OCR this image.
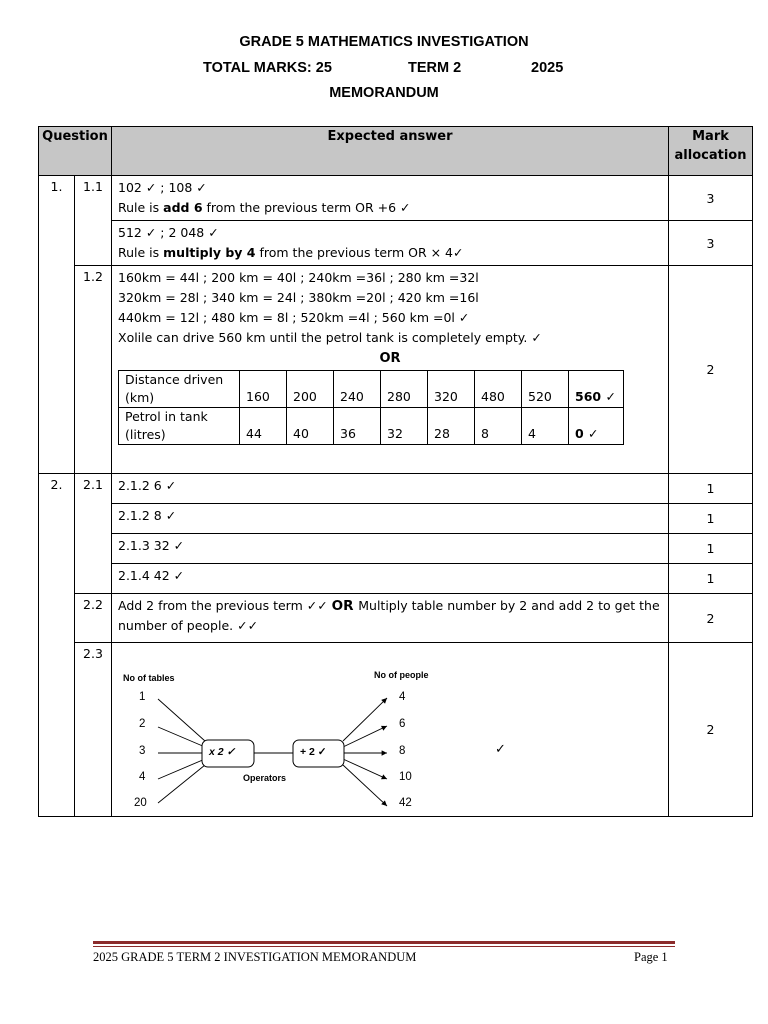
GRADE 5 MATHEMATICS INVESTIGATION
TOTAL MARKS: 25	TERM 2	2025
MEMORANDUM
Question	Expected answer	Mark
allocation
1.	1.1	102 ✓ ; 108 ✓
Rule is add 6 from the previous term OR +6 ✓
	3

512 ✓ ; 2 048 ✓
Rule is multiply by 4 from the previous term OR × 4✓
	3
1.2	160km = 44l ; 200 km = 40l ; 240km =36l ; 280 km =32l
320km = 28l ; 340 km = 24l ; 380km =20l ; 420 km =16l
440km = 12l ; 480 km = 8l ; 520km =4l ; 560 km =0l ✓
Xolile can drive 560 km until the petrol tank is completely empty. ✓
OR
Distance driven (km)	160	200	240	280	320	480	520	560 ✓
Petrol in tank (litres)	44	40	36	32	28	8	4	0 ✓
	2
2.	2.1	2.1.2 6 ✓	1
2.1.2 8 ✓	1
2.1.3 32 ✓	1
2.1.4 42 ✓	1
2.2	Add 2 from the previous term ✓✓ OR Multiply table number by 2 and add 2 to get the number of people. ✓✓	2
2.3	
No of tables	No of people
1
2
3
4
20
4
6
8
10
42
x 2 ✓	+ 2 ✓
Operators
✓
	2
2025 GRADE 5 TERM 2 INVESTIGATION MEMORANDUM	Page 1
